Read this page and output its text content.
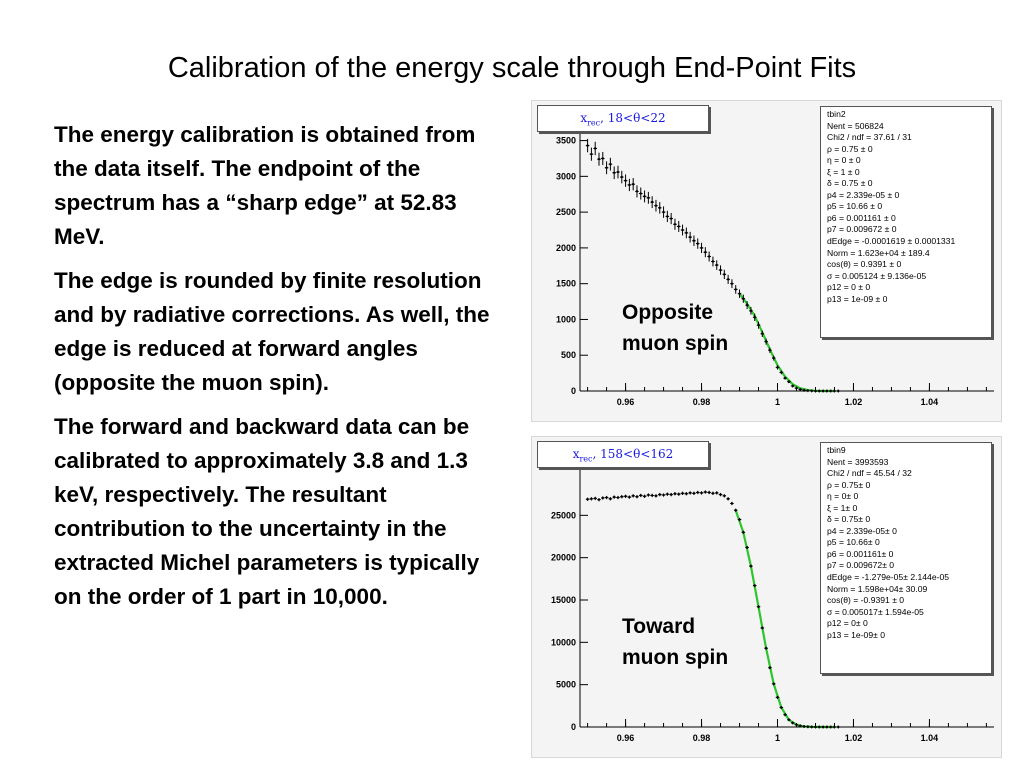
Calibration of the energy scale through End-Point Fits

The energy calibration is obtained from the data itself. The endpoint of the spectrum has a “sharp edge” at 52.83 MeV.

The edge is rounded by finite resolution and by radiative corrections. As well, the edge is reduced at forward angles (opposite the muon spin).

The forward and backward data can be calibrated to approximately 3.8 and 1.3 keV, respectively. The resultant contribution to the uncertainty in the extracted Michel parameters is typically on the order of 1 part in 10,000.

0.96	0.98	1	1.02	1.04
0
500
1000
1500
2000
2500
3000
3500
$x_{rec}$, 18<θ<22	tbin2
Nent = 506824
Chi2 / ndf = 37.61 / 31
ρ = 0.75 ± 0
η = 0 ± 0
ξ = 1 ± 0
δ = 0.75 ± 0
p4 = 2.339e-05 ± 0
p5 = 10.66 ± 0
p6 = 0.001161 ± 0
p7 = 0.009672 ± 0
dEdge = -0.0001619 ± 0.0001331
Norm = 1.623e+04 ± 189.4
cos(θ) = 0.9391 ± 0
σ = 0.005124 ± 9.136e-05
p12 = 0 ± 0
p13 = 1e-09 ± 0
Opposite muon spin
0.96	0.98	1	1.02	1.04
0
5000
10000
15000
20000
25000
$x_{rec}$, 158<θ<162	tbin9
Nent = 3993593
Chi2 / ndf = 45.54 / 32
ρ = 0.75± 0
η = 0± 0
ξ = 1± 0
δ = 0.75± 0
p4 = 2.339e-05± 0
p5 = 10.66± 0
p6 = 0.001161± 0
p7 = 0.009672± 0
dEdge = -1.279e-05± 2.144e-05
Norm = 1.598e+04± 30.09
cos(θ) = -0.9391 ± 0
σ = 0.005017± 1.594e-05
p12 = 0± 0
p13 = 1e-09± 0
Toward muon spin
